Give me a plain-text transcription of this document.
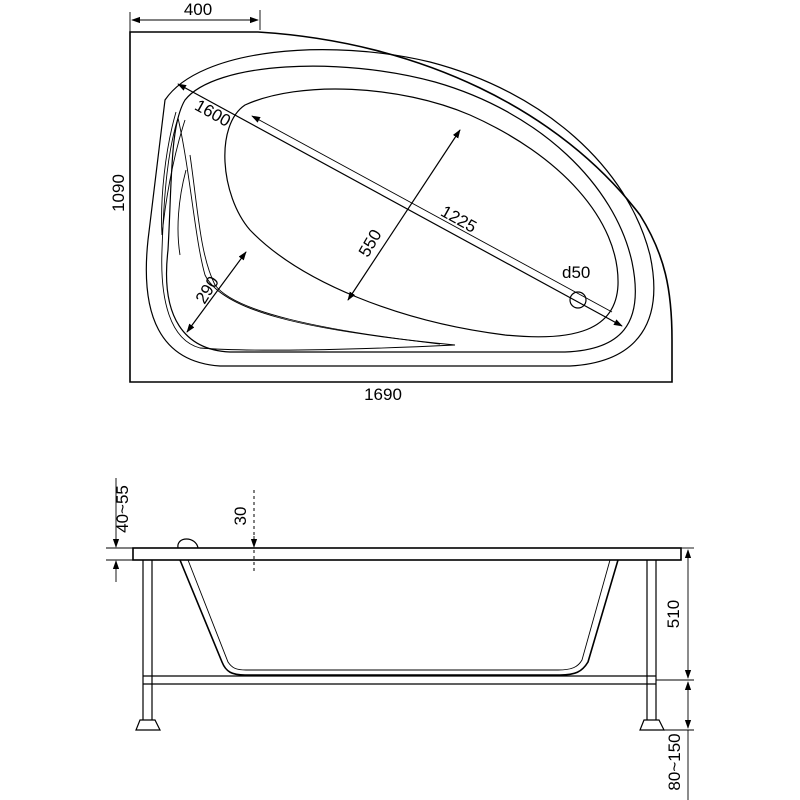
400
1090
1690
1600
1225
550
290
d50
40~55	30
510
80~150
